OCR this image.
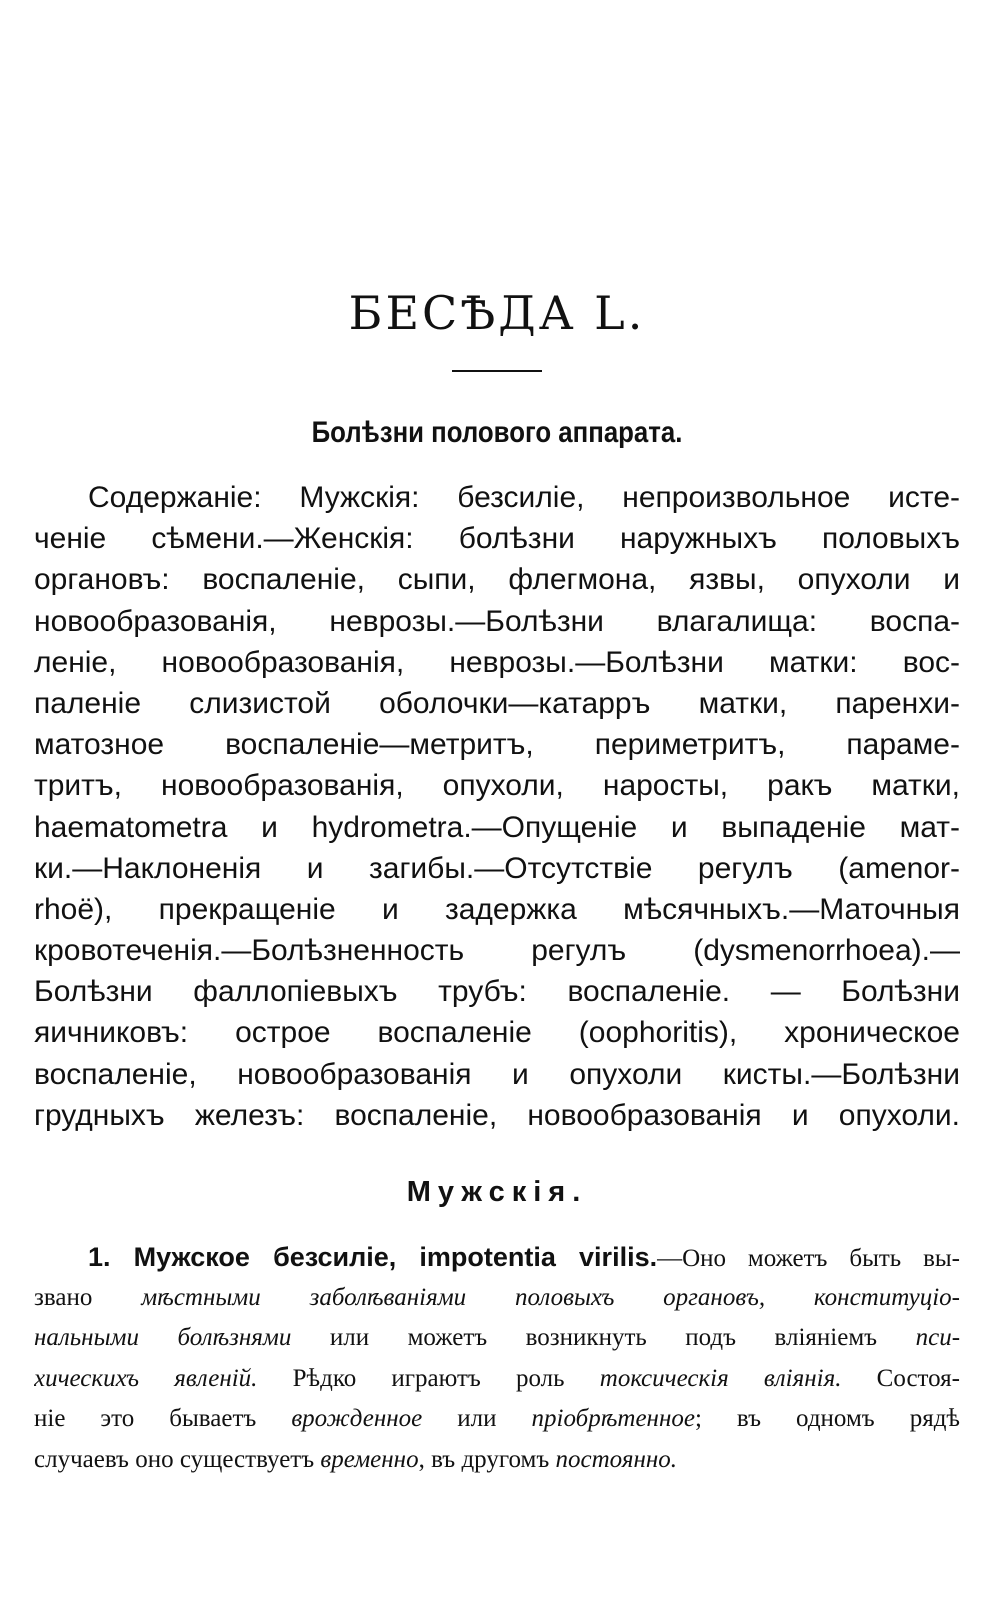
БЕСѢДА L.
Болѣзни полового аппарата.
Содержаніе: Мужскія: безсиліе, непроизвольное исте-
ченіе сѣмени.—Женскія: болѣзни наружныхъ половыхъ
органовъ: воспаленіе, сыпи, флегмона, язвы, опухоли и
новообразованія, неврозы.—Болѣзни влагалища: воспа-
леніе, новообразованія, неврозы.—Болѣзни матки: вос-
паленіе слизистой оболочки—катарръ матки, паренхи-
матозное воспаленіе—метритъ, периметритъ, параме-
тритъ, новообразованія, опухоли, наросты, ракъ матки,
haematometra и hydrometra.—Опущеніе и выпаденіе мат-
ки.—Наклоненія и загибы.—Отсутствіе регулъ (amenor-
rhoё), прекращеніе и задержка мѣсячныхъ.—Маточныя
кровотеченія.—Болѣзненность регулъ (dysmenorrhoea).—
Болѣзни фаллопіевыхъ трубъ: воспаленіе. — Болѣзни
яичниковъ: острое воспаленіе (oophoritis), хроническое
воспаленіе, новообразованія и опухоли кисты.—Болѣзни
грудныхъ железъ: воспаленіе, новообразованія и опухоли.
Мужскія.
1. Мужское безсиліе, impotentia virilis.—Оно можетъ быть вы-
звано мѣстными заболѣваніями половыхъ органовъ, конституціо-
нальными болѣзнями или можетъ возникнуть подъ вліяніемъ пси-
хическихъ явленій. Рѣдко играютъ роль токсическія вліянія. Состоя-
ніе это бываетъ врожденное или пріобрѣтенное; въ одномъ рядѣ
случаевъ оно существуетъ временно, въ другомъ постоянно.
